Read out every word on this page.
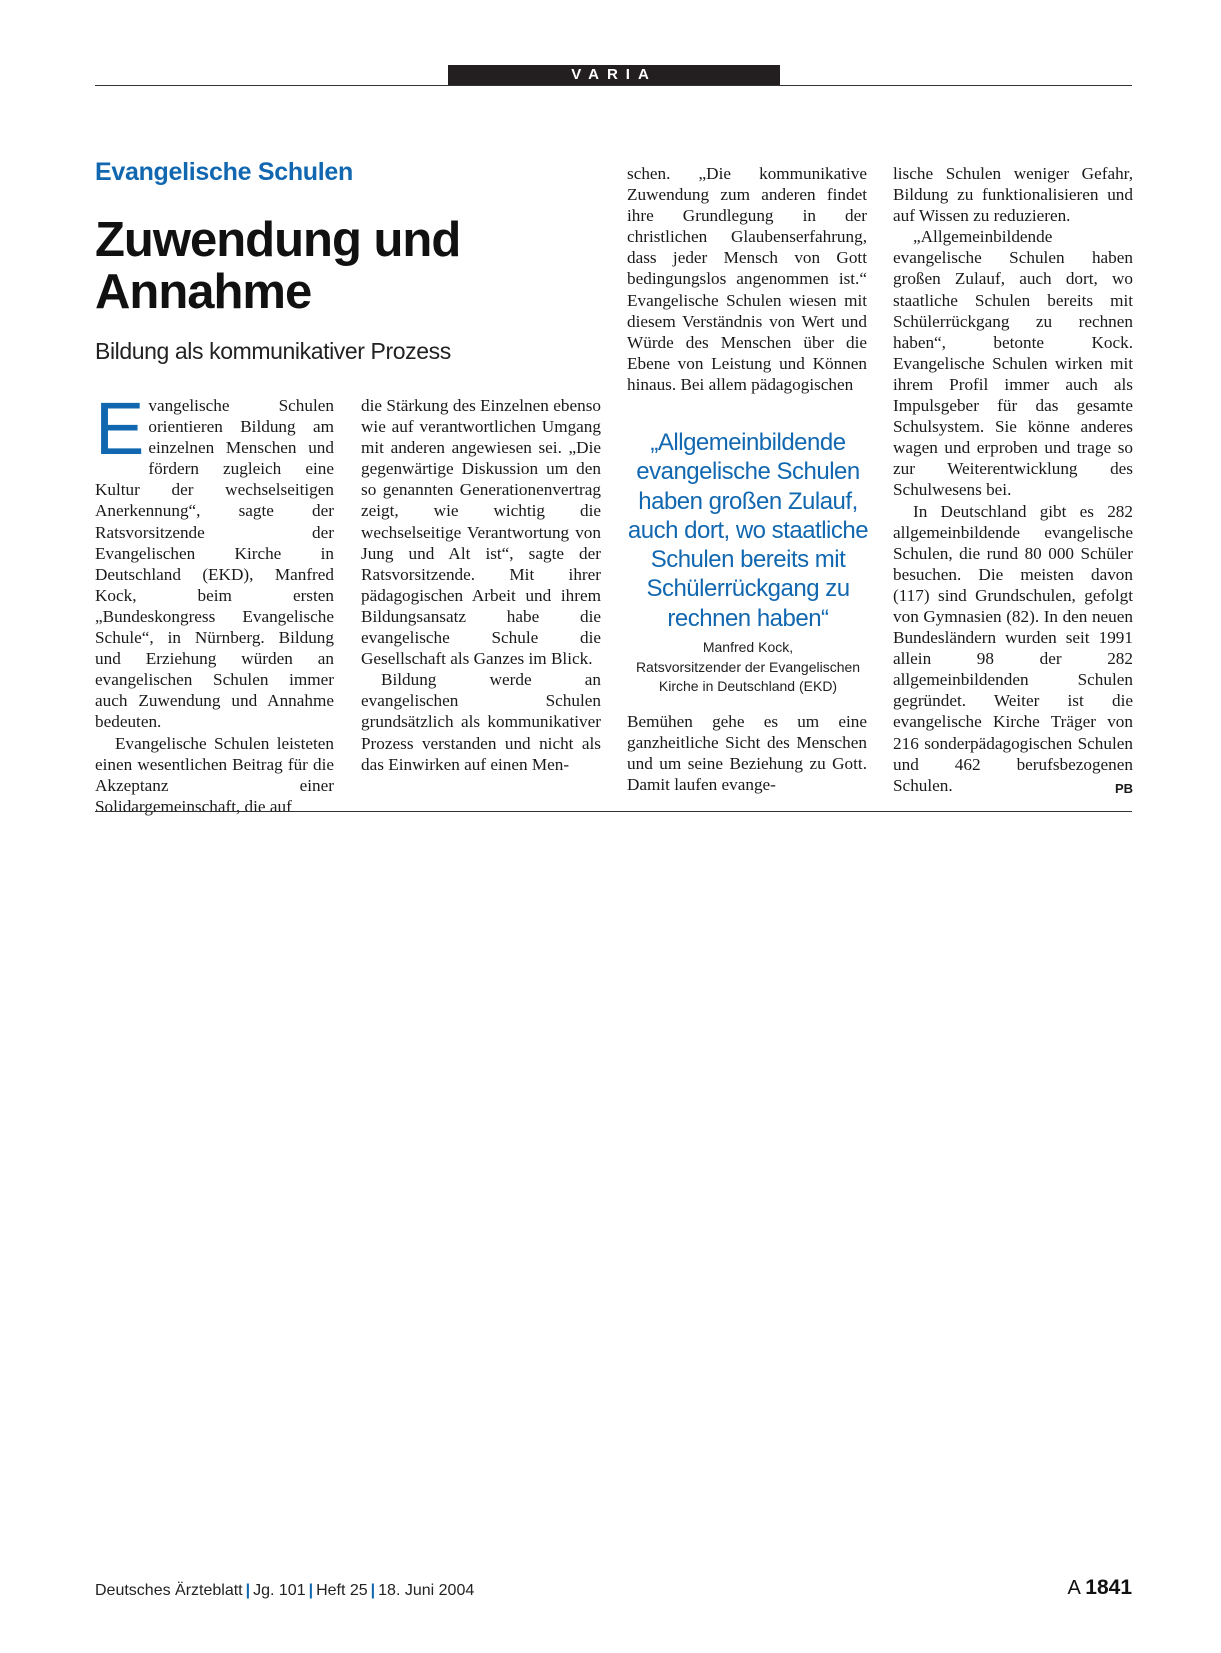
VARIA
Evangelische Schulen
Zuwendung und Annahme
Bildung als kommunikativer Prozess

Evangelische Schulen orientieren Bildung am einzelnen Menschen und fördern zugleich eine Kultur der wechselseitigen Anerkennung“, sagte der Ratsvorsitzende der Evangelischen Kirche in Deutschland (EKD), Manfred Kock, beim ersten „Bundeskongress Evangelische Schule“, in Nürnberg. Bildung und Erziehung würden an evangelischen Schulen immer auch Zuwendung und Annahme bedeuten.

Evangelische Schulen leisteten einen wesentlichen Beitrag für die Akzeptanz einer Solidargemeinschaft, die auf

die Stärkung des Einzelnen ebenso wie auf verantwortlichen Umgang mit anderen angewiesen sei. „Die gegenwärtige Diskussion um den so genannten Generationenvertrag zeigt, wie wichtig die wechselseitige Verantwortung von Jung und Alt ist“, sagte der Ratsvorsitzende. Mit ihrer pädagogischen Arbeit und ihrem Bildungsansatz habe die evangelische Schule die Gesellschaft als Ganzes im Blick.

Bildung werde an evangelischen Schulen grundsätzlich als kommunikativer Prozess verstanden und nicht als das Einwirken auf einen Men-

schen. „Die kommunikative Zuwendung zum anderen findet ihre Grundlegung in der christlichen Glaubenserfahrung, dass jeder Mensch von Gott bedingungslos angenommen ist.“ Evangelische Schulen wiesen mit diesem Verständnis von Wert und Würde des Menschen über die Ebene von Leistung und Können hinaus. Bei allem pädagogischen

„Allgemeinbildende evangelische Schulen haben großen Zulauf, auch dort, wo staatliche Schulen bereits mit Schülerrückgang zu rechnen haben“
Manfred Kock,
Ratsvorsitzender der Evangelischen
Kirche in Deutschland (EKD)

Bemühen gehe es um eine ganzheitliche Sicht des Menschen und um seine Beziehung zu Gott. Damit laufen evange-

lische Schulen weniger Gefahr, Bildung zu funktionalisieren und auf Wissen zu reduzieren.

„Allgemeinbildende evangelische Schulen haben großen Zulauf, auch dort, wo staatliche Schulen bereits mit Schülerrückgang zu rechnen haben“, betonte Kock. Evangelische Schulen wirken mit ihrem Profil immer auch als Impulsgeber für das gesamte Schulsystem. Sie könne anderes wagen und erproben und trage so zur Weiterentwicklung des Schulwesens bei.

In Deutschland gibt es 282 allgemeinbildende evangelische Schulen, die rund 80 000 Schüler besuchen. Die meisten davon (117) sind Grundschulen, gefolgt von Gymnasien (82). In den neuen Bundesländern wurden seit 1991 allein 98 der 282 allgemeinbildenden Schulen gegründet. Weiter ist die evangelische Kirche Träger von 216 sonderpädagogischen Schulen und 462 berufsbezogenen Schulen.	PB

Deutsches Ärzteblatt | Jg. 101 | Heft 25 | 18. Juni 2004	A 1841
